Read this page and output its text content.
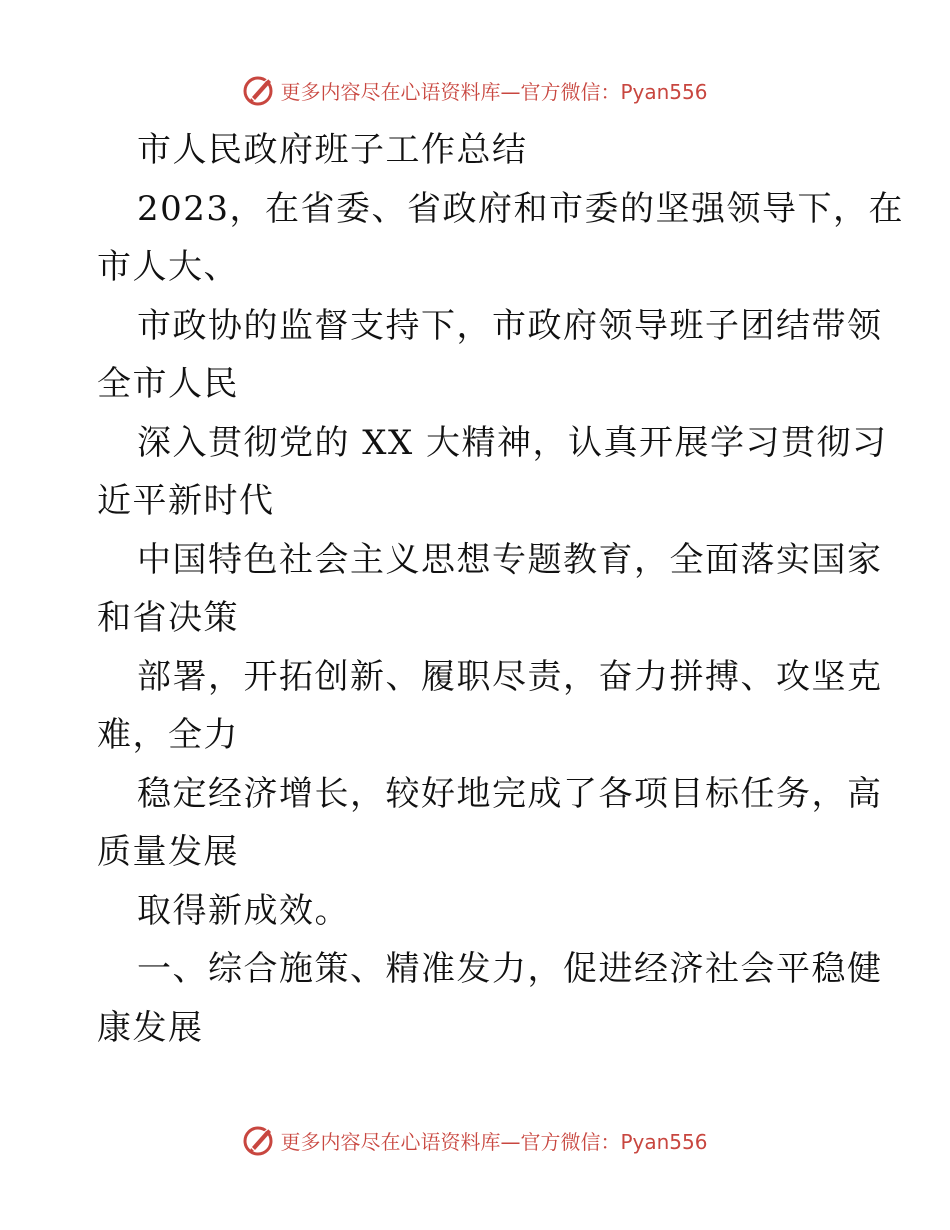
更多内容尽在心语资料库—官方微信：Pyan556
市人民政府班子工作总结
2023，在省委、省政府和市委的坚强领导下，在
市人大、
市政协的监督支持下，市政府领导班子团结带领
全市人民
深入贯彻党的 XX 大精神，认真开展学习贯彻习
近平新时代
中国特色社会主义思想专题教育，全面落实国家
和省决策
部署，开拓创新、履职尽责，奋力拼搏、攻坚克
难，全力
稳定经济增长，较好地完成了各项目标任务，高
质量发展
取得新成效。
一、综合施策、精准发力，促进经济社会平稳健
康发展
更多内容尽在心语资料库—官方微信：Pyan556
